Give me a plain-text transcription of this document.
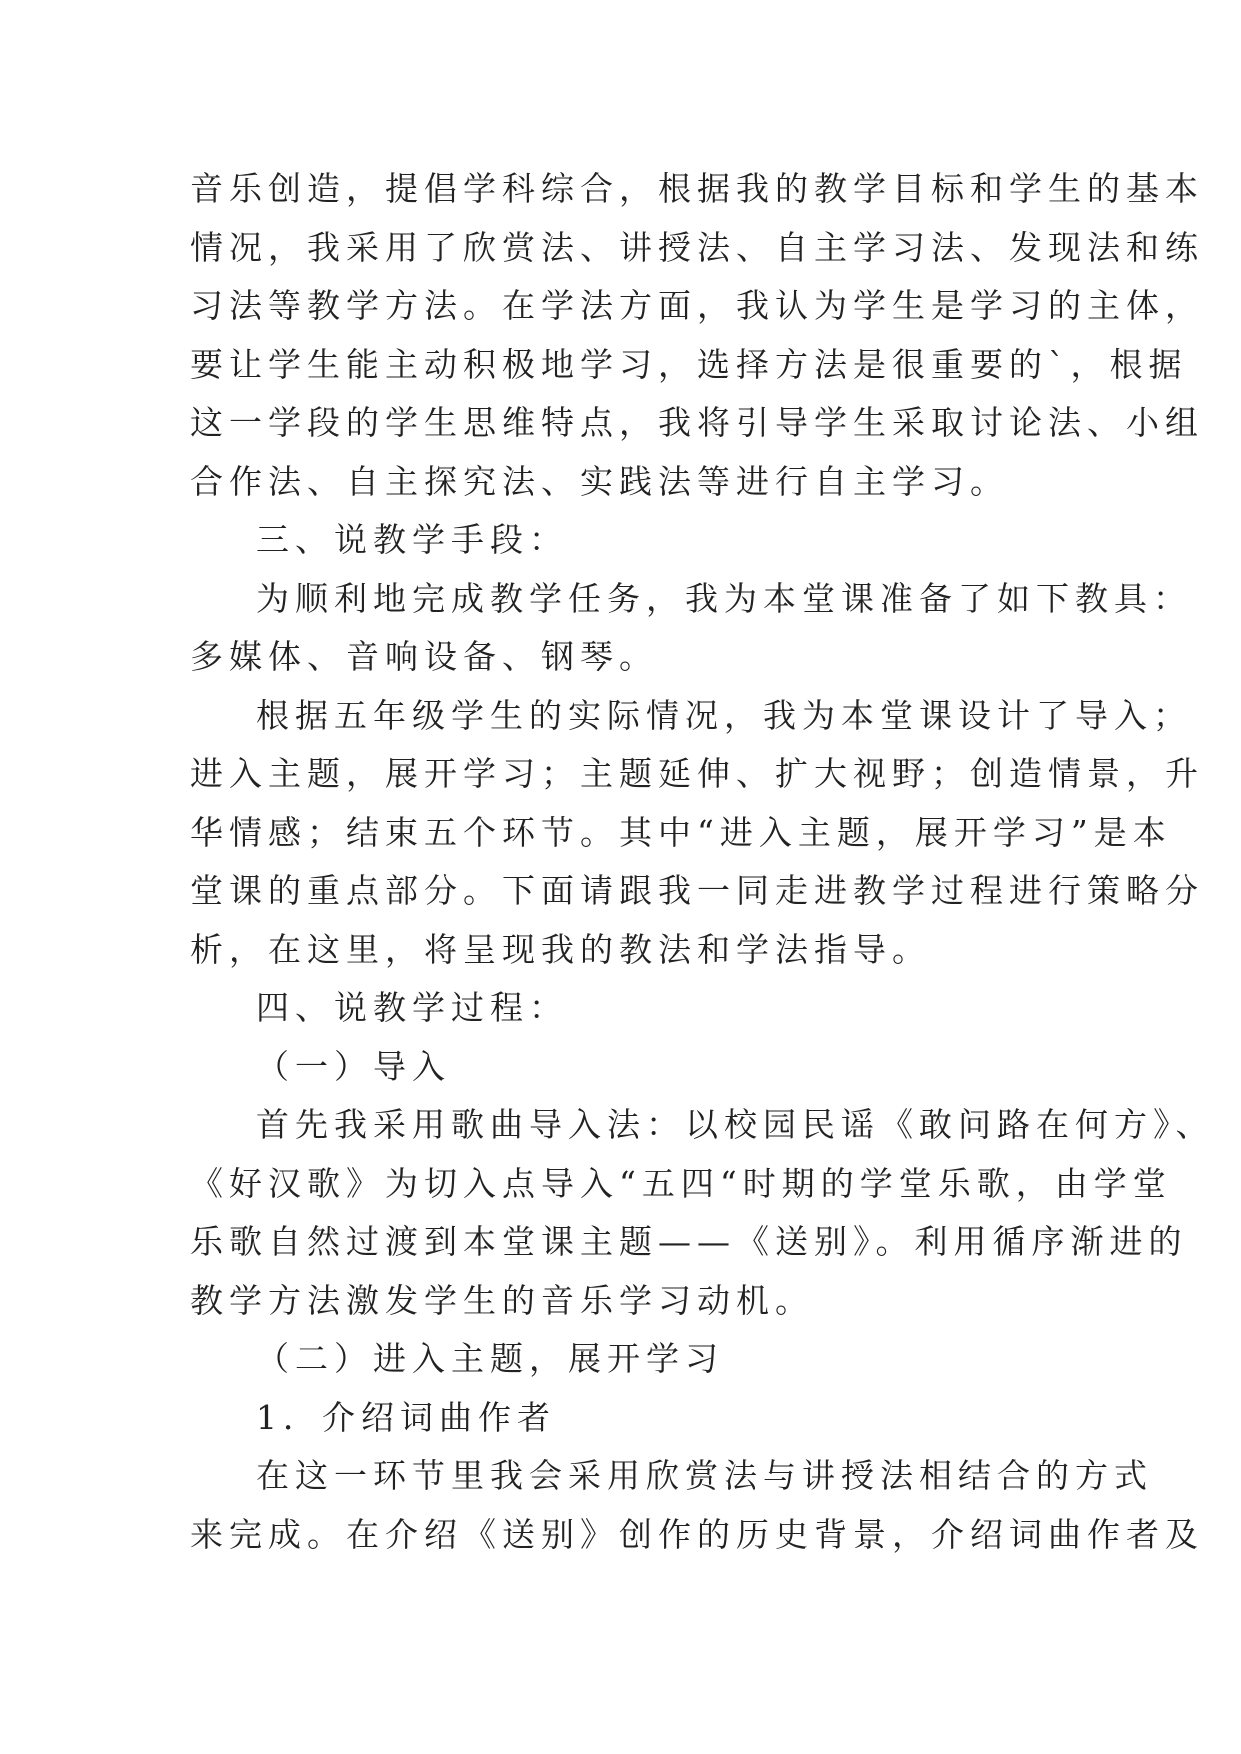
音乐创造，提倡学科综合，根据我的教学目标和学生的基本
情况，我采用了欣赏法、讲授法、自主学习法、发现法和练
习法等教学方法。在学法方面，我认为学生是学习的主体，
要让学生能主动积极地学习，选择方法是很重要的`，根据
这一学段的学生思维特点，我将引导学生采取讨论法、小组
合作法、自主探究法、实践法等进行自主学习。
三、说教学手段：
为顺利地完成教学任务，我为本堂课准备了如下教具：
多媒体、音响设备、钢琴。
根据五年级学生的实际情况，我为本堂课设计了导入；
进入主题，展开学习；主题延伸、扩大视野；创造情景，升
华情感；结束五个环节。其中“进入主题，展开学习”是本
堂课的重点部分。下面请跟我一同走进教学过程进行策略分
析，在这里，将呈现我的教法和学法指导。
四、说教学过程：
（一）导入
首先我采用歌曲导入法：以校园民谣《敢问路在何方》、
《好汉歌》为切入点导入“五四“时期的学堂乐歌，由学堂
乐歌自然过渡到本堂课主题——《送别》。利用循序渐进的
教学方法激发学生的音乐学习动机。
（二）进入主题，展开学习
1．介绍词曲作者
在这一环节里我会采用欣赏法与讲授法相结合的方式
来完成。在介绍《送别》创作的历史背景，介绍词曲作者及
